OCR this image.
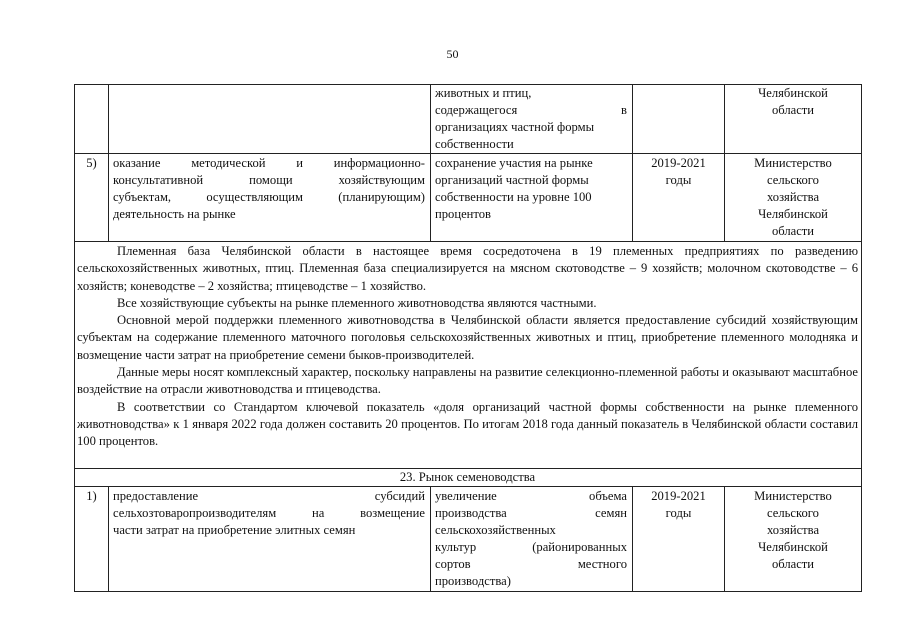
50
животных и птиц,
содержащегося в
организациях частной формы
собственности
Челябинской
области
5)	оказание методической и информационно-
консультативной помощи хозяйствующим
субъектам, осуществляющим (планирующим)
деятельность на рынке
сохранение участия на рынке
организаций частной формы
собственности на уровне 100
процентов
2019-2021
годы
Министерство
сельского
хозяйства
Челябинской
области

Племенная база Челябинской области в настоящее время сосредоточена в 19 племенных предприятиях по разведению сельскохозяйственных животных, птиц. Племенная база специализируется на мясном скотоводстве – 9 хозяйств; молочном скотоводстве – 6 хозяйств; коневодстве – 2 хозяйства; птицеводстве – 1 хозяйство.

Все хозяйствующие субъекты на рынке племенного животноводства являются частными.

Основной мерой поддержки племенного животноводства в Челябинской области является предоставление субсидий хозяйствующим субъектам на содержание племенного маточного поголовья сельскохозяйственных животных и птиц, приобретение племенного молодняка и возмещение части затрат на приобретение семени быков-производителей.

Данные меры носят комплексный характер, поскольку направлены на развитие селекционно-племенной работы и оказывают масштабное воздействие на отрасли животноводства и птицеводства.

В соответствии со Стандартом ключевой показатель «доля организаций частной формы собственности на рынке племенного животноводства» к 1 января 2022 года должен составить 20 процентов. По итогам 2018 года данный показатель в Челябинской области составил 100 процентов.

23. Рынок семеноводства
1)	предоставление субсидий
сельхозтоваропроизводителям на возмещение
части затрат на приобретение элитных семян
увеличение объема
производства семян
сельскохозяйственных
культур (районированных
сортов местного
производства)
2019-2021
годы
Министерство
сельского
хозяйства
Челябинской
области
